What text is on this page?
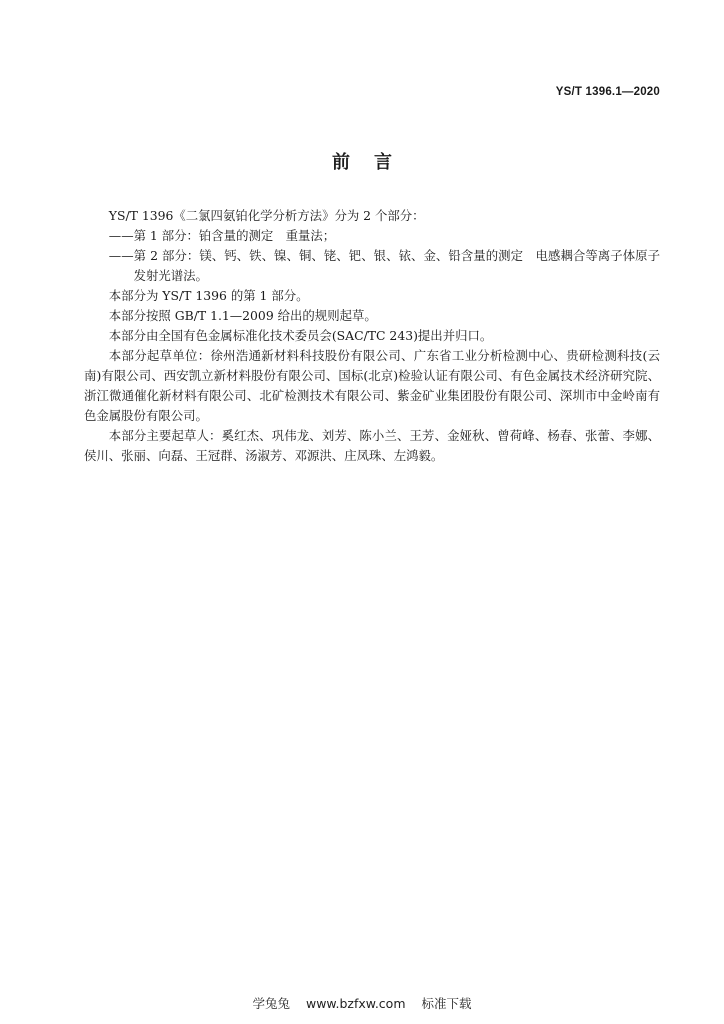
YS/T 1396.1—2020
前言

YS/T 1396《二氯四氨铂化学分析方法》分为 2 个部分：

——第 1 部分：铂含量的测定　重量法；

——第 2 部分：镁、钙、铁、镍、铜、铑、钯、银、铱、金、铅含量的测定　电感耦合等离子体原子发射光谱法。

本部分为 YS/T 1396 的第 1 部分。

本部分按照 GB/T 1.1—2009 给出的规则起草。

本部分由全国有色金属标准化技术委员会(SAC/TC 243)提出并归口。

本部分起草单位：徐州浩通新材料科技股份有限公司、广东省工业分析检测中心、贵研检测科技(云南)有限公司、西安凯立新材料股份有限公司、国标(北京)检验认证有限公司、有色金属技术经济研究院、浙江微通催化新材料有限公司、北矿检测技术有限公司、紫金矿业集团股份有限公司、深圳市中金岭南有色金属股份有限公司。

本部分主要起草人：奚红杰、巩伟龙、刘芳、陈小兰、王芳、金娅秋、曾荷峰、杨春、张蕾、李娜、侯川、张丽、向磊、王冠群、汤淑芳、邓源洪、庄凤珠、左鸿毅。

学兔兔 www.bzfxw.com 标准下载
